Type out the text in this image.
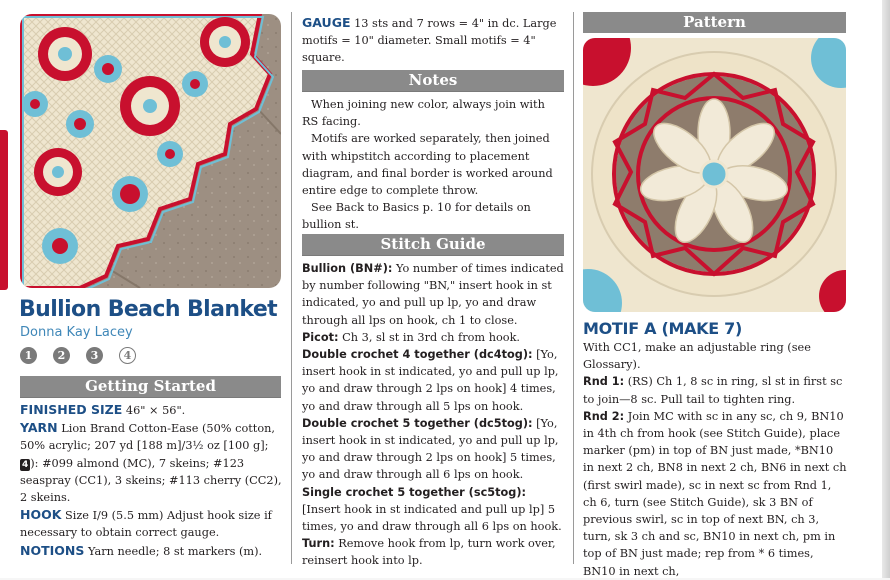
Bullion Beach Blanket
Donna Kay Lacey
1	2	3	4
Getting Started

FINISHED SIZE 46" × 56".

YARN Lion Brand Cotton-Ease (50% cotton, 50% acrylic; 207 yd [188 m]/3½ oz [100 g]; 4 ): #099 almond (MC), 7 skeins; #123 seaspray (CC1), 3 skeins; #113 cherry (CC2), 2 skeins.

HOOK Size I/9 (5.5 mm) Adjust hook size if necessary to obtain correct gauge.

NOTIONS Yarn needle; 8 st markers (m).

GAUGE 13 sts and 7 rows = 4" in dc. Large motifs = 10" diameter. Small motifs = 4" square.

Notes

When joining new color, always join with RS facing.

Motifs are worked separately, then joined with whipstitch according to placement diagram, and final border is worked around entire edge to complete throw.

See Back to Basics p. 10 for details on bullion st.

Stitch Guide

Bullion (BN#): Yo number of times indicated by number following "BN," insert hook in st indicated, yo and pull up lp, yo and draw through all lps on hook, ch 1 to close.

Picot: Ch 3, sl st in 3rd ch from hook.

Double crochet 4 together (dc4tog): [Yo, insert hook in st indicated, yo and pull up lp, yo and draw through 2 lps on hook] 4 times, yo and draw through all 5 lps on hook.

Double crochet 5 together (dc5tog): [Yo, insert hook in st indicated, yo and pull up lp, yo and draw through 2 lps on hook] 5 times, yo and draw through all 6 lps on hook.

Single crochet 5 together (sc5tog): [Insert hook in st indicated and pull up lp] 5 times, yo and draw through all 6 lps on hook.

Turn: Remove hook from lp, turn work over, reinsert hook into lp.

Pattern
MOTIF A (MAKE 7)

With CC1, make an adjustable ring (see Glossary).

Rnd 1: (RS) Ch 1, 8 sc in ring, sl st in first sc to join—8 sc. Pull tail to tighten ring.

Rnd 2: Join MC with sc in any sc, ch 9, BN10 in 4th ch from hook (see Stitch Guide), place marker (pm) in top of BN just made, *BN10 in next 2 ch, BN8 in next 2 ch, BN6 in next ch (first swirl made), sc in next sc from Rnd 1, ch 6, turn (see Stitch Guide), sk 3 BN of previous swirl, sc in top of next BN, ch 3, turn, sk 3 ch and sc, BN10 in next ch, pm in top of BN just made; rep from * 6 times, BN10 in next ch,
